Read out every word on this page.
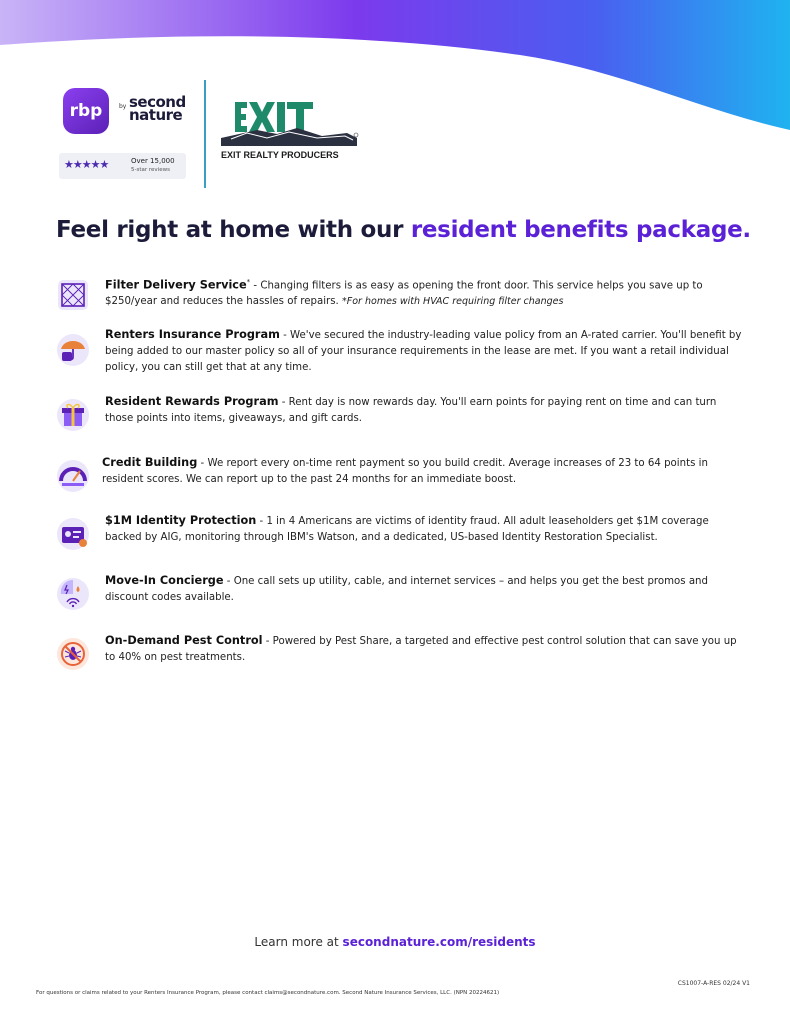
rbp	by second
nature
★★★★★	Over 15,000
5-star reviews
EXIT REALTY PRODUCERS
Feel right at home with our resident benefits package.
Filter Delivery Service* - Changing filters is as easy as opening the front door. This service helps you save up to $250/year and reduces the hassles of repairs. *For homes with HVAC requiring filter changes
Renters Insurance Program - We've secured the industry-leading value policy from an A-rated carrier. You'll benefit by being added to our master policy so all of your insurance requirements in the lease are met. If you want a retail individual policy, you can still get that at any time.
Resident Rewards Program - Rent day is now rewards day. You'll earn points for paying rent on time and can turn those points into items, giveaways, and gift cards.
Credit Building - We report every on-time rent payment so you build credit. Average increases of 23 to 64 points in resident scores. We can report up to the past 24 months for an immediate boost.
$1M Identity Protection - 1 in 4 Americans are victims of identity fraud. All adult leaseholders get $1M coverage backed by AIG, monitoring through IBM's Watson, and a dedicated, US-based Identity Restoration Specialist.
Move-In Concierge - One call sets up utility, cable, and internet services – and helps you get the best promos and discount codes available.
On-Demand Pest Control - Powered by Pest Share, a targeted and effective pest control solution that can save you up to 40% on pest treatments.
Learn more at secondnature.com/residents
CS1007-A-RES 02/24 V1
For questions or claims related to your Renters Insurance Program, please contact claims@secondnature.com. Second Nature Insurance Services, LLC. (NPN 20224621)
